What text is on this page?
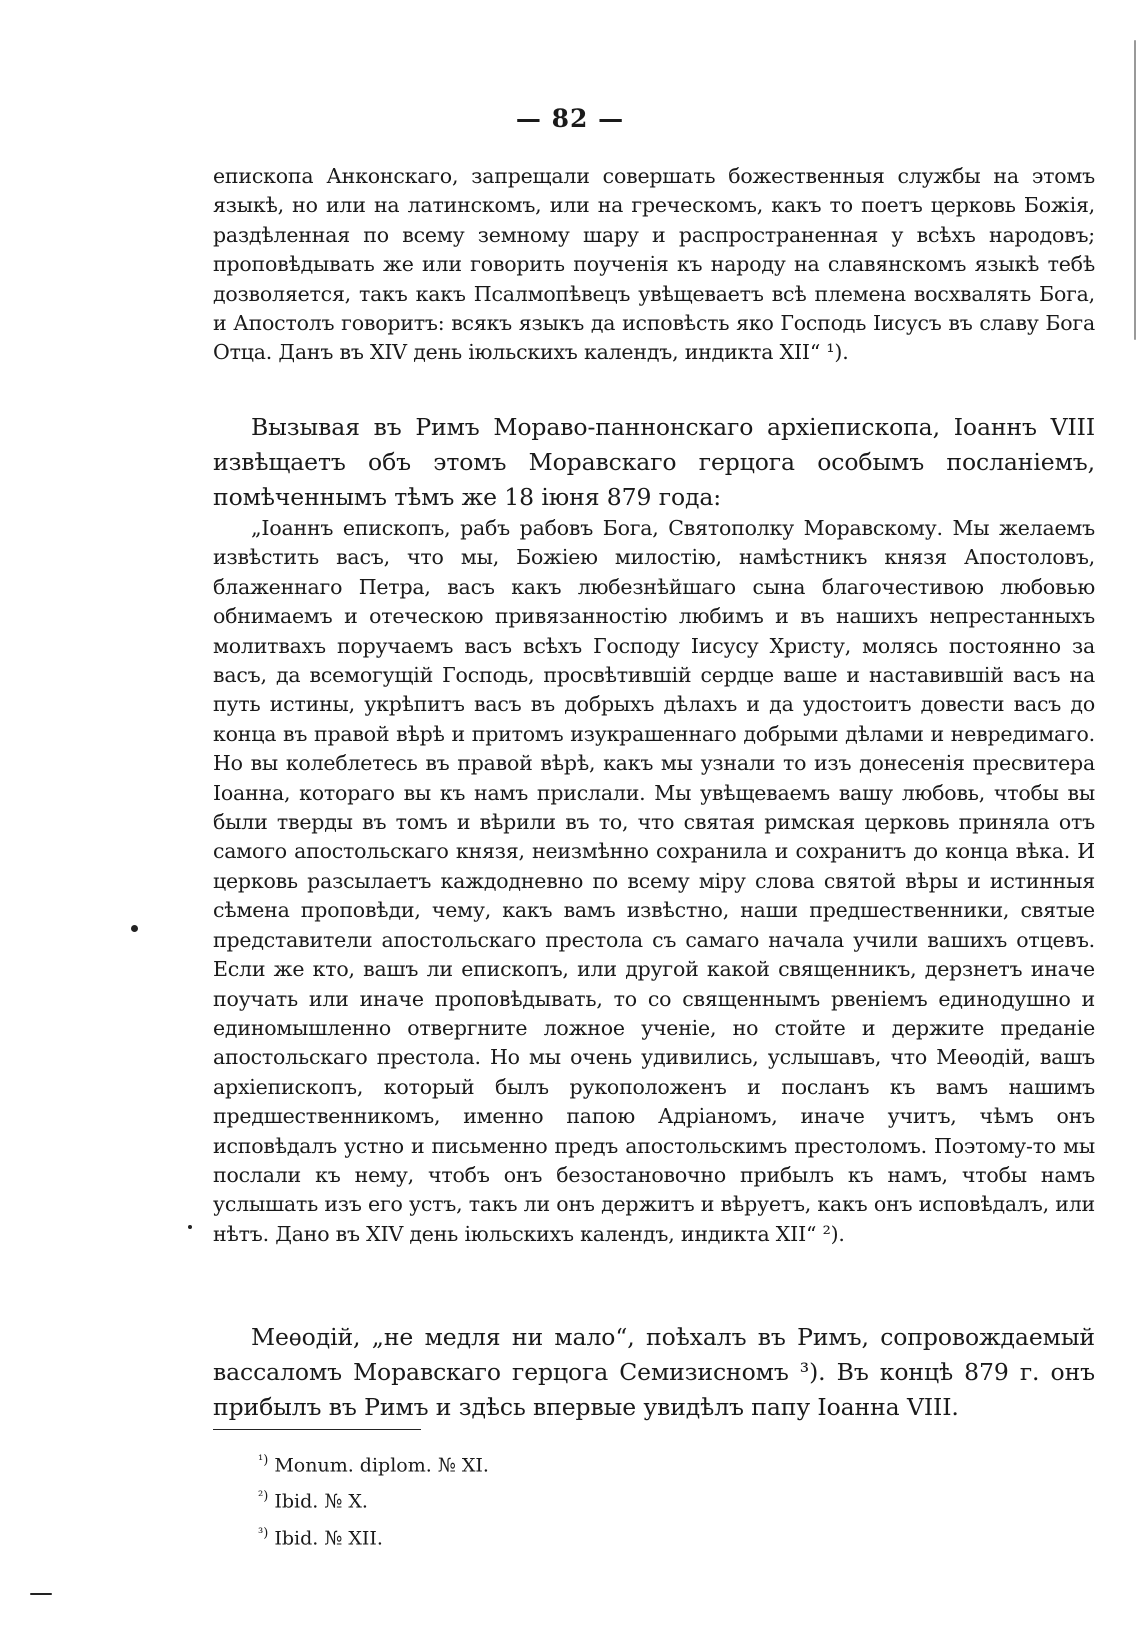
— 82 —

епископа Анконскаго, запрещали совершать божественныя службы на этомъ языкѣ, но или на латинскомъ, или на греческомъ, какъ то поетъ церковь Божія, раздѣленная по всему земному шару и распространенная у всѣхъ народовъ; проповѣдывать же или говорить поученія къ народу на славянскомъ языкѣ тебѣ дозволяется, такъ какъ Псалмопѣвецъ увѣщеваетъ всѣ племена восхвалять Бога, и Апостолъ говоритъ: всякъ языкъ да исповѣсть яко Господь Іисусъ въ славу Бога Отца. Данъ въ XIV день іюльскихъ календъ, индикта XII“ ¹).

Вызывая въ Римъ Мораво-паннонскаго архіепископа, Іоаннъ VIII извѣщаетъ объ этомъ Моравскаго герцога особымъ посланіемъ, помѣченнымъ тѣмъ же 18 іюня 879 года:

„Іоаннъ епископъ, рабъ рабовъ Бога, Святополку Моравскому. Мы желаемъ извѣстить васъ, что мы, Божіею милостію, намѣстникъ князя Апостоловъ, блаженнаго Петра, васъ какъ любезнѣйшаго сына благочестивою любовью обнимаемъ и отеческою привязанностію любимъ и въ нашихъ непрестанныхъ молитвахъ поручаемъ васъ всѣхъ Господу Іисусу Христу, молясь постоянно за васъ, да всемогущій Господь, просвѣтившій сердце ваше и наставившій васъ на путь истины, укрѣпитъ васъ въ добрыхъ дѣлахъ и да удостоитъ довести васъ до конца въ правой вѣрѣ и притомъ изукрашеннаго добрыми дѣлами и невредимаго. Но вы колеблетесь въ правой вѣрѣ, какъ мы узнали то изъ донесенія пресвитера Іоанна, котораго вы къ намъ прислали. Мы увѣщеваемъ вашу любовь, чтобы вы были тверды въ томъ и вѣрили въ то, что святая римская церковь приняла отъ самого апостольскаго князя, неизмѣнно сохранила и сохранитъ до конца вѣка. И церковь разсылаетъ каждодневно по всему міру слова святой вѣры и истинныя сѣмена проповѣди, чему, какъ вамъ извѣстно, наши предшественники, святые представители апостольскаго престола съ самаго начала учили вашихъ отцевъ. Если же кто, вашъ ли епископъ, или другой какой священникъ, дерзнетъ иначе поучать или иначе проповѣдывать, то со священнымъ рвеніемъ единодушно и единомышленно отвергните ложное ученіе, но стойте и держите преданіе апостольскаго престола. Но мы очень удивились, услышавъ, что Меѳодій, вашъ архіепископъ, который былъ рукоположенъ и посланъ къ вамъ нашимъ предшественникомъ, именно папою Адріаномъ, иначе учитъ, чѣмъ онъ исповѣдалъ устно и письменно предъ апостольскимъ престоломъ. Поэтому-то мы послали къ нему, чтобъ онъ безостановочно прибылъ къ намъ, чтобы намъ услышать изъ его устъ, такъ ли онъ держитъ и вѣруетъ, какъ онъ исповѣдалъ, или нѣтъ. Дано въ XIV день іюльскихъ календъ, индикта XII“ ²).

Меѳодій, „не медля ни мало“, поѣхалъ въ Римъ, сопровождаемый вассаломъ Моравскаго герцога Семизисномъ ³). Въ концѣ 879 г. онъ прибылъ въ Римъ и здѣсь впервые увидѣлъ папу Іоанна VIII.

$^{^1)}$ Monum. diplom. № XI.
$^{^2)}$ Ibid. № X.
$^{^3)}$ Ibid. № XII.
